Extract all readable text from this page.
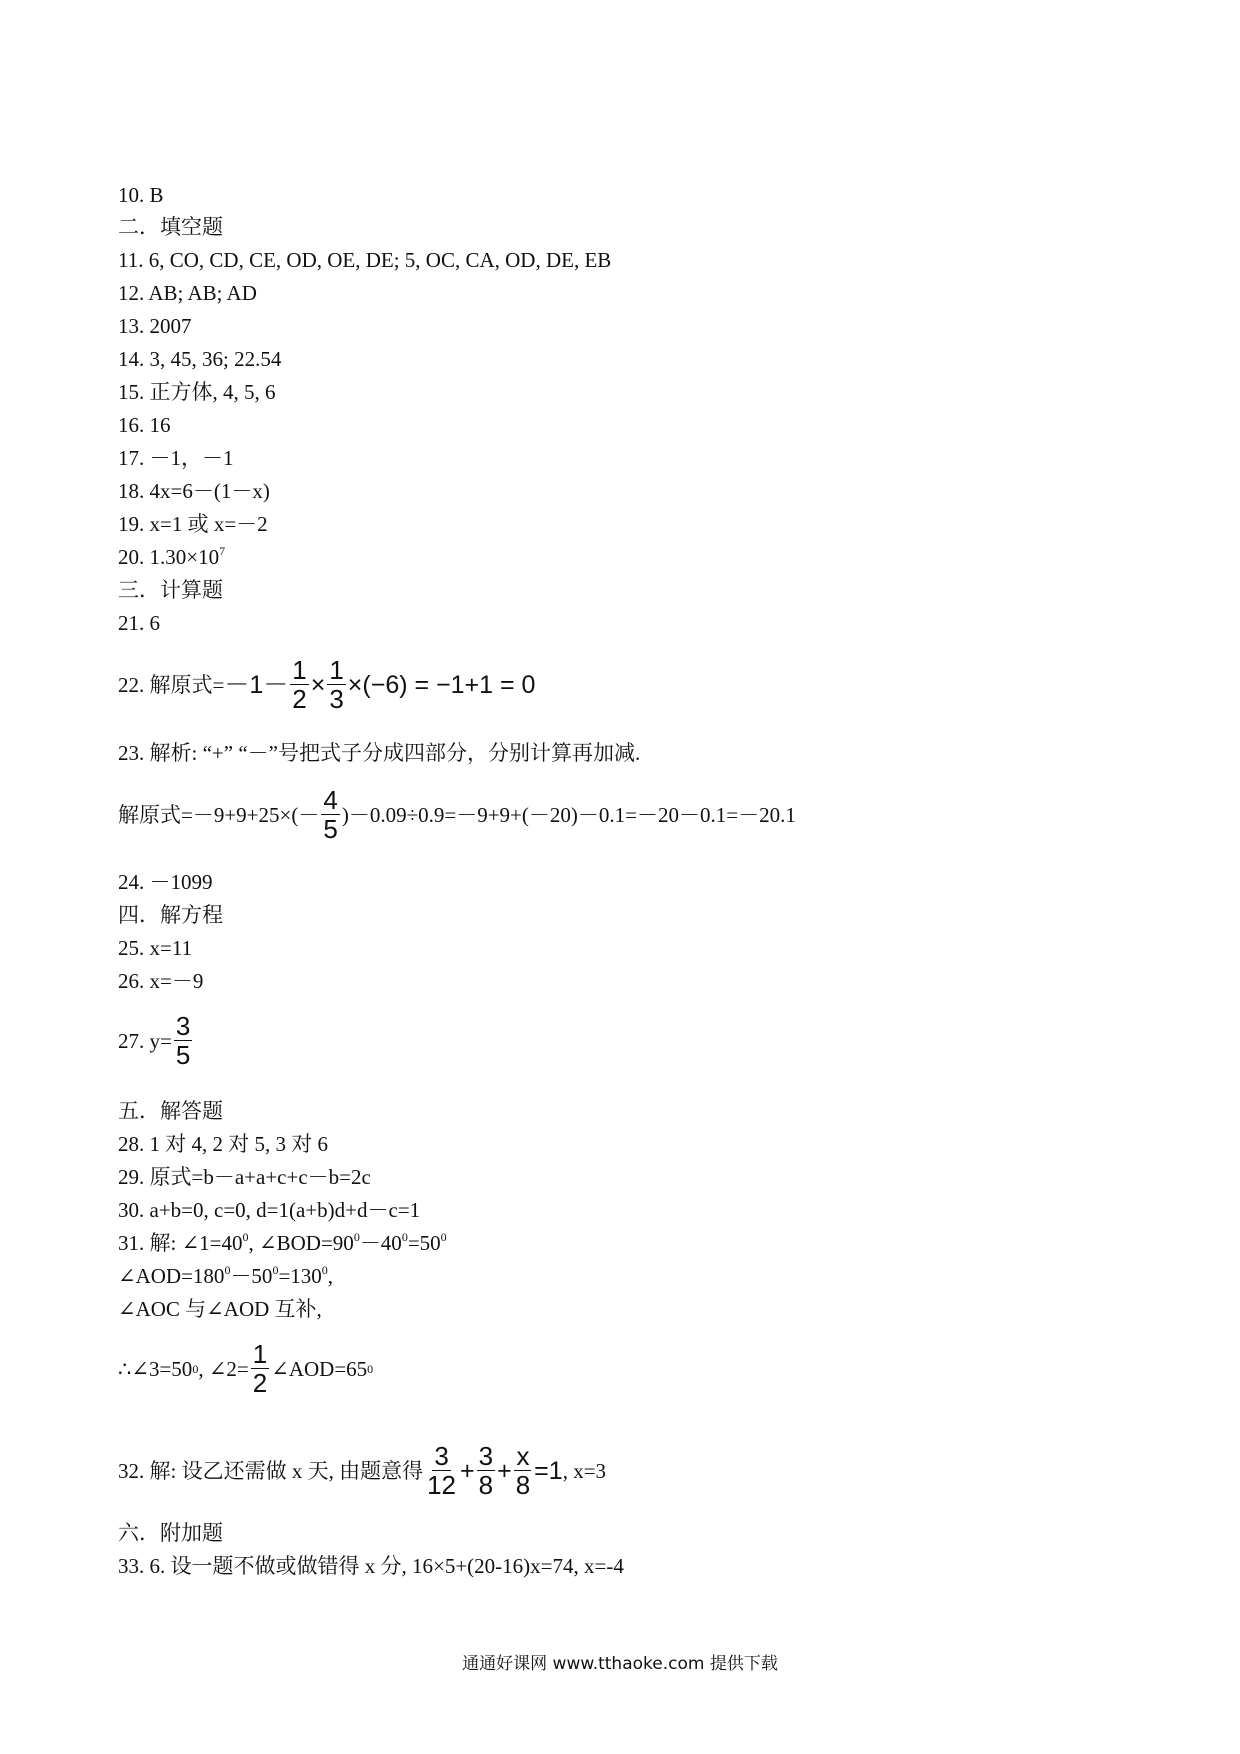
10. B
二．填空题
11. 6, CO, CD, CE, OD, OE, DE; 5, OC, CA, OD, DE, EB
12. AB; AB; AD
13. 2007
14. 3, 45, 36; 22.54
15. 正方体, 4, 5, 6
16. 16
17. －1，－1
18. 4x=6－(1－x)
19. x=1 或 x=－2
20. $1.30\times 10^7$
三．计算题
21. 6
22. 解原式= $-1- \frac{1}{2} \times \frac{1}{3} \times(-6) = -1+1 = 0$
23. 解析: “+” “－”号把式子分成四部分，分别计算再加减.
解原式$=-9+9+25\times(- \frac{4}{5} )-0.09\div 0.9=-9+9+(-20)-0.1=-20-0.1=-20.1$
24. －1099
四．解方程
25. x=11
26. x=－9
27. $y= \frac{3}{5}$
五．解答题
28. 1 对 4, 2 对 5, 3 对 6
29. 原式=b－a+a+c+c－b=2c
30. a+b=0, c=0, d=1(a+b)d+d－c=1
31. 解: $\angle 1=40^0$, $\angle BOD=90^0-40^0=50^0$
$\angle AOD=180^0-50^0=130^0$,
∠AOC 与∠AOD 互补,
∴∠3=50 0 , ∠2= $\frac{1}{2}$ ∠AOD=65 0
32. 解: 设乙还需做 x 天, 由题意得 $\frac{3}{12} + \frac{3}{8} + \frac{x}{8} =1$ , x=3
六．附加题
33. 6. 设一题不做或做错得 x 分, 16×5+(20-16)x=74, x=-4
通通好课网 www.tthaoke.com 提供下载
